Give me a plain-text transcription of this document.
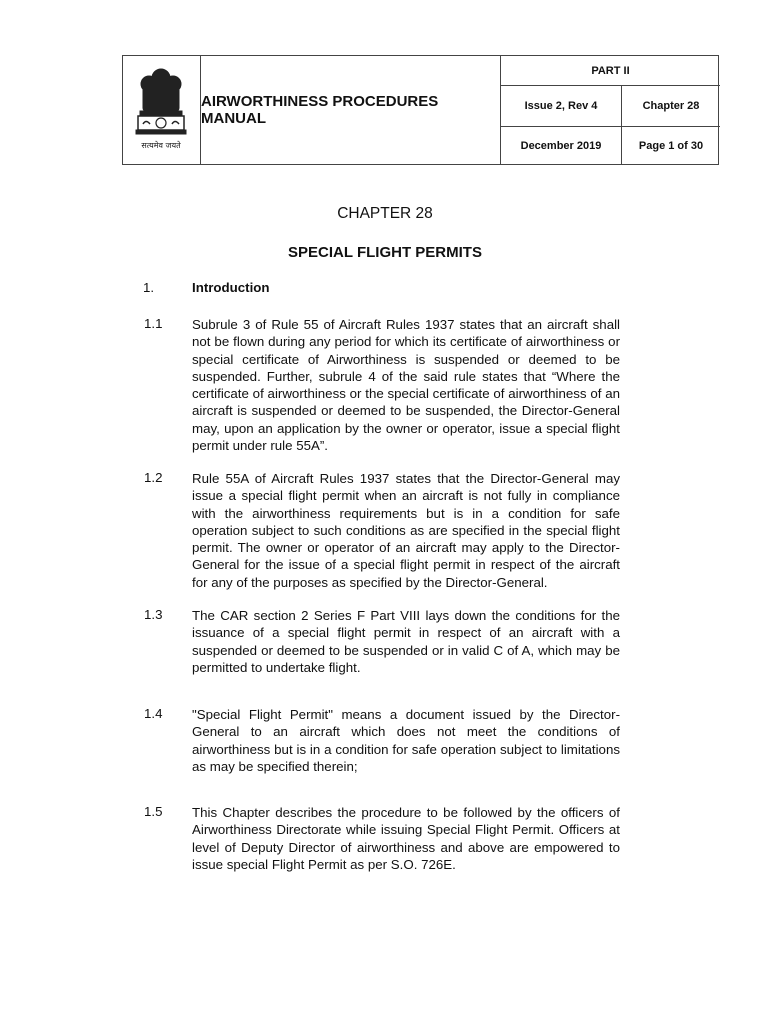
सत्यमेव जयते
AIRWORTHINESS PROCEDURES MANUAL
PART II
Issue 2, Rev 4	Chapter 28
December 2019	Page 1 of 30
CHAPTER 28
SPECIAL FLIGHT PERMITS
1.	Introduction
1.1 Subrule 3 of Rule 55 of Aircraft Rules 1937 states that an aircraft shall not be flown during any period for which its certificate of airworthiness or special certificate of Airworthiness is suspended or deemed to be suspended. Further, subrule 4 of the said rule states that “Where the certificate of airworthiness or the special certificate of airworthiness of an aircraft is suspended or deemed to be suspended, the Director-General may, upon an application by the owner or operator, issue a special flight permit under rule 55A”.
1.2 Rule 55A of Aircraft Rules 1937 states that the Director-General may issue a special flight permit when an aircraft is not fully in compliance with the airworthiness requirements but is in a condition for safe operation subject to such conditions as are specified in the special flight permit. The owner or operator of an aircraft may apply to the Director-General for the issue of a special flight permit in respect of the aircraft for any of the purposes as specified by the Director-General.
1.3 The CAR section 2 Series F Part VIII lays down the conditions for the issuance of a special flight permit in respect of an aircraft with a suspended or deemed to be suspended or in valid C of A, which may be permitted to undertake flight.
1.4 "Special Flight Permit" means a document issued by the Director-General to an aircraft which does not meet the conditions of airworthiness but is in a condition for safe operation subject to limitations as may be specified therein;
1.5 This Chapter describes the procedure to be followed by the officers of Airworthiness Directorate while issuing Special Flight Permit. Officers at level of Deputy Director of airworthiness and above are empowered to issue special Flight Permit as per S.O. 726E.
